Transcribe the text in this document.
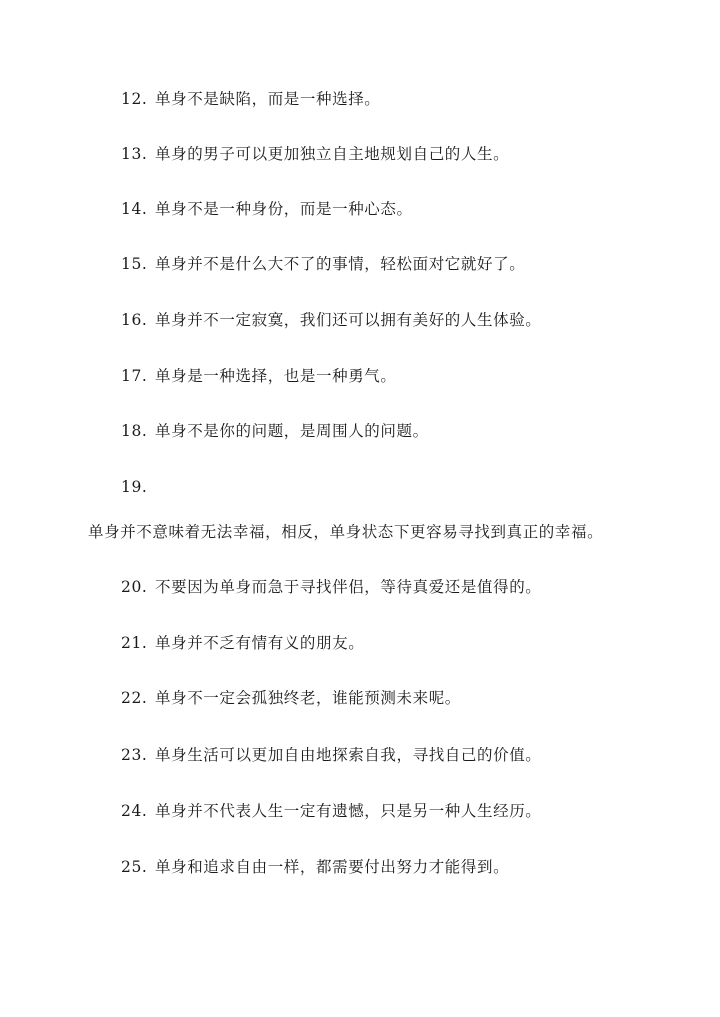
12. 单身不是缺陷，而是一种选择。
13. 单身的男子可以更加独立自主地规划自己的人生。
14. 单身不是一种身份，而是一种心态。
15. 单身并不是什么大不了的事情，轻松面对它就好了。
16. 单身并不一定寂寞，我们还可以拥有美好的人生体验。
17. 单身是一种选择，也是一种勇气。
18. 单身不是你的问题，是周围人的问题。
19.
单身并不意味着无法幸福，相反，单身状态下更容易寻找到真正的幸福。
20. 不要因为单身而急于寻找伴侣，等待真爱还是值得的。
21. 单身并不乏有情有义的朋友。
22. 单身不一定会孤独终老，谁能预测未来呢。
23. 单身生活可以更加自由地探索自我，寻找自己的价值。
24. 单身并不代表人生一定有遗憾，只是另一种人生经历。
25. 单身和追求自由一样，都需要付出努力才能得到。
